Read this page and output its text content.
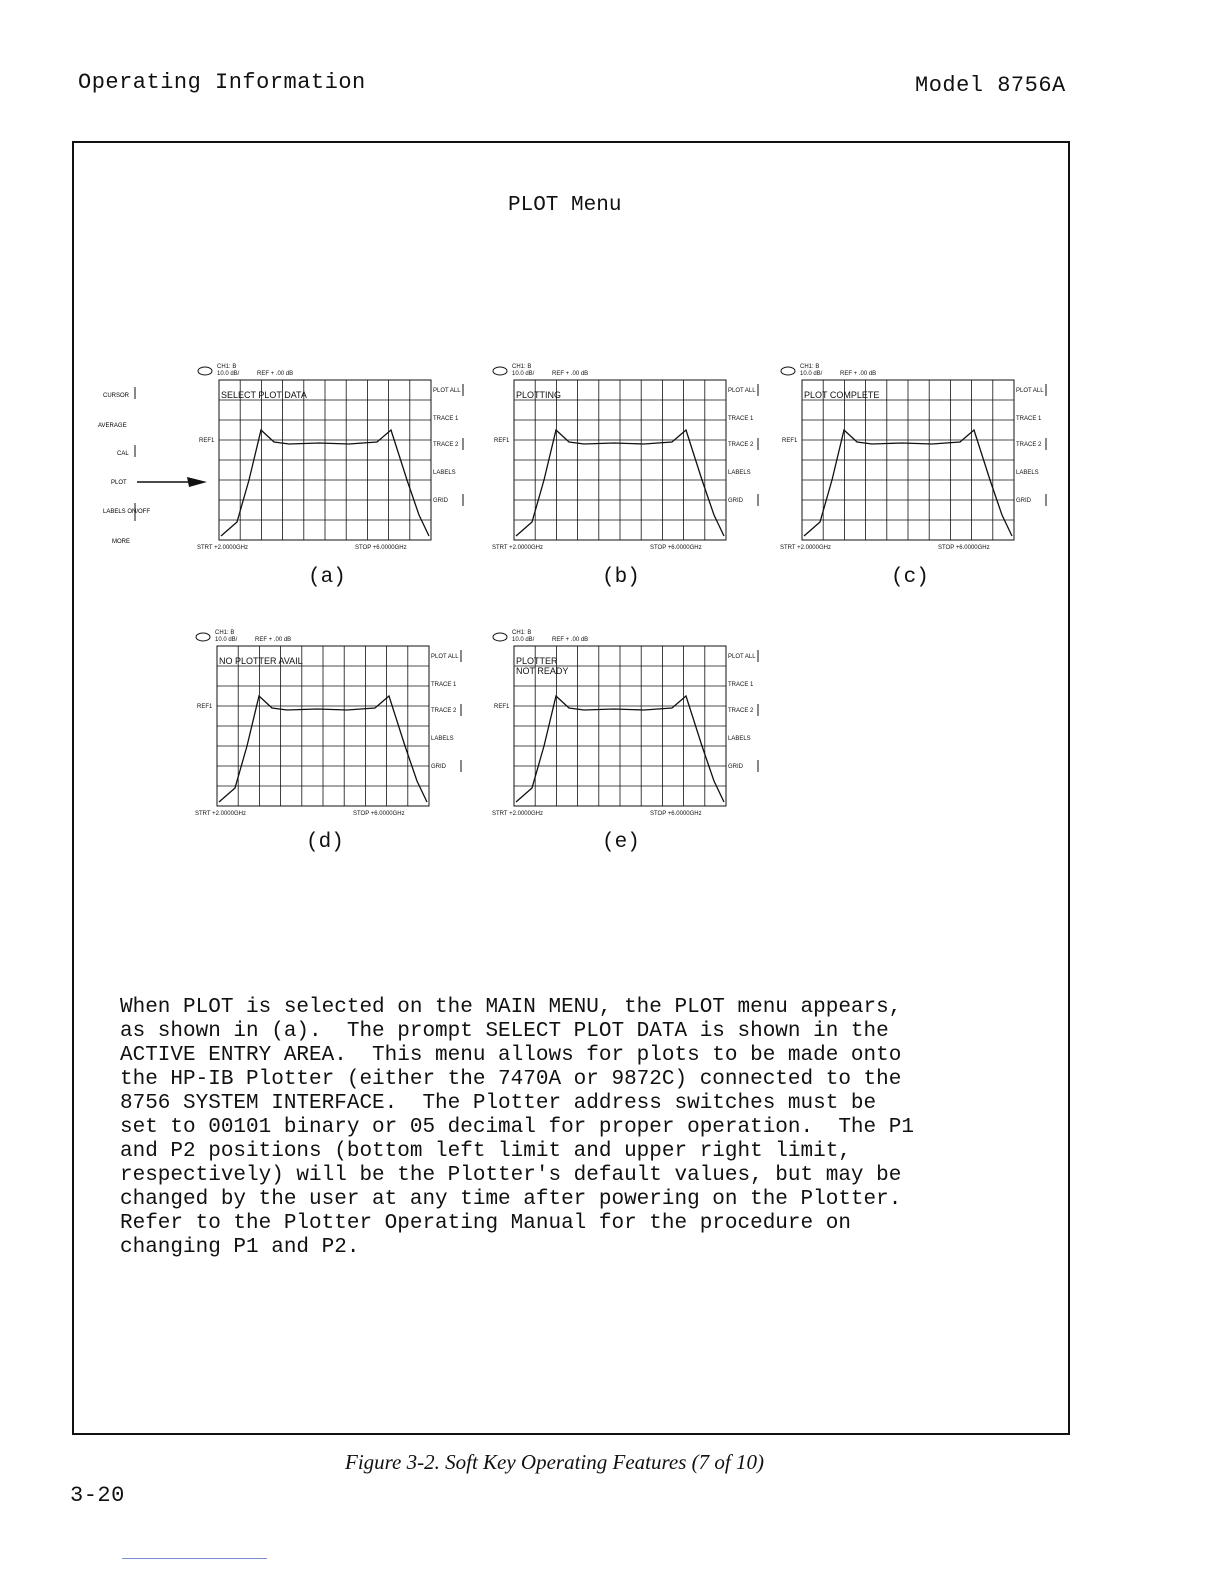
Operating Information	Model 8756A
PLOT Menu
CURSOR
AVERAGE
CAL
PLOT
LABELS ON/OFF
MORE
CH1: B
10.0 dB/	REF + .00 dB
REF1
SELECT PLOT DATA	PLOT ALL
TRACE 1
TRACE 2
LABELS
GRID
STRT +2.0000GHz	STOP +6.0000GHz
CH1: B
10.0 dB/	REF + .00 dB
REF1
PLOTTING	PLOT ALL
TRACE 1
TRACE 2
LABELS
GRID
STRT +2.0000GHz	STOP +6.0000GHz
CH1: B
10.0 dB/	REF + .00 dB
REF1
PLOT COMPLETE	PLOT ALL
TRACE 1
TRACE 2
LABELS
GRID
STRT +2.0000GHz	STOP +6.0000GHz
CH1: B
10.0 dB/	REF + .00 dB
REF1
NO PLOTTER AVAIL	PLOT ALL
TRACE 1
TRACE 2
LABELS
GRID
STRT +2.0000GHz	STOP +6.0000GHz
CH1: B
10.0 dB/	REF + .00 dB
REF1
PLOTTER
NOT READY
PLOT ALL
TRACE 1
TRACE 2
LABELS
GRID
STRT +2.0000GHz	STOP +6.0000GHz
(a)	(b)	(c)
(d)	(e)
When PLOT is selected on the MAIN MENU, the PLOT menu appears,
as shown in (a).  The prompt SELECT PLOT DATA is shown in the
ACTIVE ENTRY AREA.  This menu allows for plots to be made onto
the HP-IB Plotter (either the 7470A or 9872C) connected to the
8756 SYSTEM INTERFACE.  The Plotter address switches must be
set to 00101 binary or 05 decimal for proper operation.  The P1
and P2 positions (bottom left limit and upper right limit,
respectively) will be the Plotter's default values, but may be
changed by the user at any time after powering on the Plotter.
Refer to the Plotter Operating Manual for the procedure on
changing P1 and P2.
Figure 3-2. Soft Key Operating Features (7 of 10)
3-20
